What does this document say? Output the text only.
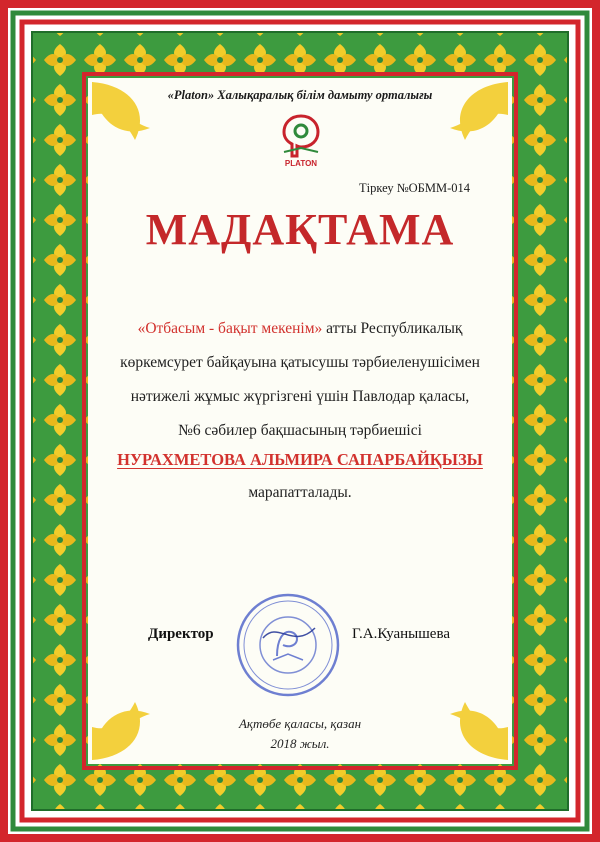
«Platon» Халықаралық білім дамыту орталығы
PLATON
Тіркеу №ОБММ-014
МАДАҚТАМА
«Отбасым - бақыт мекенім» атты Республикалық
көркемсурет байқауына қатысушы тәрбиеленушісімен
нәтижелі жұмыс жүргізгені үшін Павлодар қаласы,
№6 сәбилер бақшасының тәрбиешісі
НУРАХМЕТОВА АЛЬМИРА САПАРБАЙҚЫЗЫ
марапатталады.
Директор	Г.А.Куанышева
Ақтөбе қаласы, қазан
2018 жыл.
